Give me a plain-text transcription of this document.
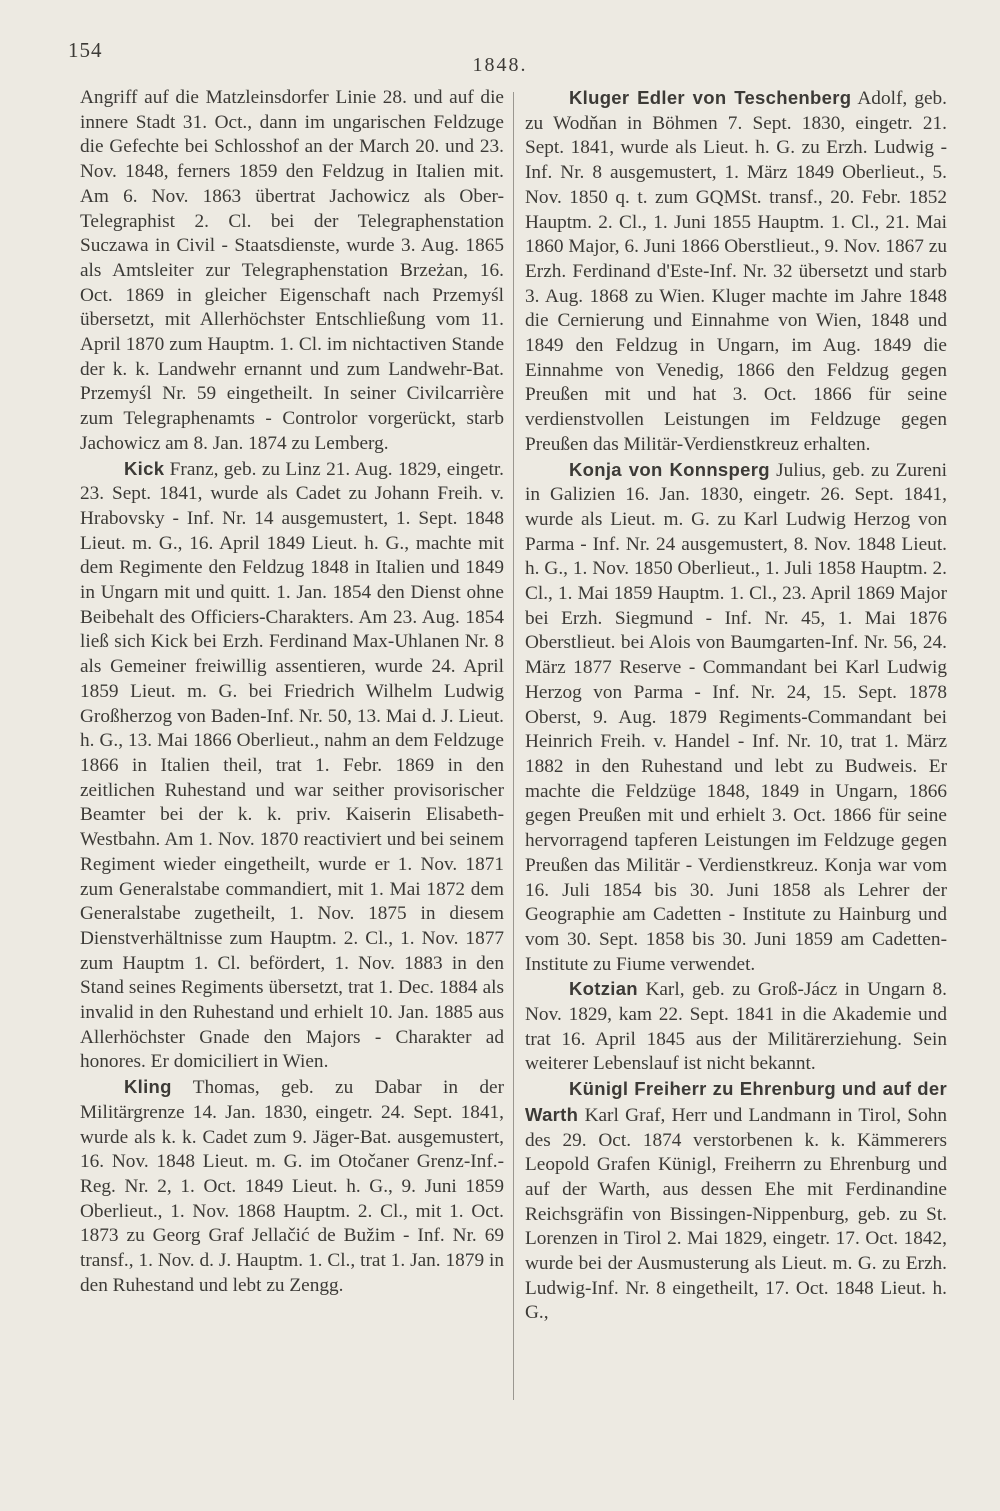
154
1848.

Angriff auf die Matzleinsdorfer Linie 28. und auf die innere Stadt 31. Oct., dann im ungarischen Feldzuge die Gefechte bei Schlosshof an der March 20. und 23. Nov. 1848, ferners 1859 den Feldzug in Italien mit. Am 6. Nov. 1863 übertrat Jachowicz als Ober-Telegraphist 2. Cl. bei der Telegraphenstation Suczawa in Civil - Staatsdienste, wurde 3. Aug. 1865 als Amtsleiter zur Telegraphenstation Brzeżan, 16. Oct. 1869 in gleicher Eigenschaft nach Przemyśl übersetzt, mit Allerhöchster Entschließung vom 11. April 1870 zum Hauptm. 1. Cl. im nichtactiven Stande der k. k. Landwehr ernannt und zum Landwehr-Bat. Przemyśl Nr. 59 eingetheilt. In seiner Civilcarrière zum Telegraphenamts - Controlor vorgerückt, starb Jachowicz am 8. Jan. 1874 zu Lemberg.

Kick Franz, geb. zu Linz 21. Aug. 1829, eingetr. 23. Sept. 1841, wurde als Cadet zu Johann Freih. v. Hrabovsky - Inf. Nr. 14 ausgemustert, 1. Sept. 1848 Lieut. m. G., 16. April 1849 Lieut. h. G., machte mit dem Regimente den Feldzug 1848 in Italien und 1849 in Ungarn mit und quitt. 1. Jan. 1854 den Dienst ohne Beibehalt des Officiers-Charakters. Am 23. Aug. 1854 ließ sich Kick bei Erzh. Ferdinand Max-Uhlanen Nr. 8 als Gemeiner freiwillig assentieren, wurde 24. April 1859 Lieut. m. G. bei Friedrich Wilhelm Ludwig Großherzog von Baden-Inf. Nr. 50, 13. Mai d. J. Lieut. h. G., 13. Mai 1866 Oberlieut., nahm an dem Feldzuge 1866 in Italien theil, trat 1. Febr. 1869 in den zeitlichen Ruhestand und war seither provisorischer Beamter bei der k. k. priv. Kaiserin Elisabeth-Westbahn. Am 1. Nov. 1870 reactiviert und bei seinem Regiment wieder eingetheilt, wurde er 1. Nov. 1871 zum Generalstabe commandiert, mit 1. Mai 1872 dem Generalstabe zugetheilt, 1. Nov. 1875 in diesem Dienstverhältnisse zum Hauptm. 2. Cl., 1. Nov. 1877 zum Hauptm 1. Cl. befördert, 1. Nov. 1883 in den Stand seines Regiments übersetzt, trat 1. Dec. 1884 als invalid in den Ruhestand und erhielt 10. Jan. 1885 aus Allerhöchster Gnade den Majors - Charakter ad honores. Er domiciliert in Wien.

Kling Thomas, geb. zu Dabar in der Militärgrenze 14. Jan. 1830, eingetr. 24. Sept. 1841, wurde als k. k. Cadet zum 9. Jäger-Bat. ausgemustert, 16. Nov. 1848 Lieut. m. G. im Otočaner Grenz-Inf.-Reg. Nr. 2, 1. Oct. 1849 Lieut. h. G., 9. Juni 1859 Oberlieut., 1. Nov. 1868 Hauptm. 2. Cl., mit 1. Oct. 1873 zu Georg Graf Jellačić de Bužim - Inf. Nr. 69 transf., 1. Nov. d. J. Hauptm. 1. Cl., trat 1. Jan. 1879 in den Ruhestand und lebt zu Zengg.

Kluger Edler von Teschenberg Adolf, geb. zu Wodňan in Böhmen 7. Sept. 1830, eingetr. 21. Sept. 1841, wurde als Lieut. h. G. zu Erzh. Ludwig - Inf. Nr. 8 ausgemustert, 1. März 1849 Oberlieut., 5. Nov. 1850 q. t. zum GQMSt. transf., 20. Febr. 1852 Hauptm. 2. Cl., 1. Juni 1855 Hauptm. 1. Cl., 21. Mai 1860 Major, 6. Juni 1866 Oberstlieut., 9. Nov. 1867 zu Erzh. Ferdinand d'Este-Inf. Nr. 32 übersetzt und starb 3. Aug. 1868 zu Wien. Kluger machte im Jahre 1848 die Cernierung und Einnahme von Wien, 1848 und 1849 den Feldzug in Ungarn, im Aug. 1849 die Einnahme von Venedig, 1866 den Feldzug gegen Preußen mit und hat 3. Oct. 1866 für seine verdienstvollen Leistungen im Feldzuge gegen Preußen das Militär-Verdienstkreuz erhalten.

Konja von Konnsperg Julius, geb. zu Zureni in Galizien 16. Jan. 1830, eingetr. 26. Sept. 1841, wurde als Lieut. m. G. zu Karl Ludwig Herzog von Parma - Inf. Nr. 24 ausgemustert, 8. Nov. 1848 Lieut. h. G., 1. Nov. 1850 Oberlieut., 1. Juli 1858 Hauptm. 2. Cl., 1. Mai 1859 Hauptm. 1. Cl., 23. April 1869 Major bei Erzh. Siegmund - Inf. Nr. 45, 1. Mai 1876 Oberstlieut. bei Alois von Baumgarten-Inf. Nr. 56, 24. März 1877 Reserve - Commandant bei Karl Ludwig Herzog von Parma - Inf. Nr. 24, 15. Sept. 1878 Oberst, 9. Aug. 1879 Regiments-Commandant bei Heinrich Freih. v. Handel - Inf. Nr. 10, trat 1. März 1882 in den Ruhestand und lebt zu Budweis. Er machte die Feldzüge 1848, 1849 in Ungarn, 1866 gegen Preußen mit und erhielt 3. Oct. 1866 für seine hervorragend tapferen Leistungen im Feldzuge gegen Preußen das Militär - Verdienstkreuz. Konja war vom 16. Juli 1854 bis 30. Juni 1858 als Lehrer der Geographie am Cadetten - Institute zu Hainburg und vom 30. Sept. 1858 bis 30. Juni 1859 am Cadetten-Institute zu Fiume verwendet.

Kotzian Karl, geb. zu Groß-Jácz in Ungarn 8. Nov. 1829, kam 22. Sept. 1841 in die Akademie und trat 16. April 1845 aus der Militärerziehung. Sein weiterer Lebenslauf ist nicht bekannt.

Künigl Freiherr zu Ehrenburg und auf der Warth Karl Graf, Herr und Landmann in Tirol, Sohn des 29. Oct. 1874 verstorbenen k. k. Kämmerers Leopold Grafen Künigl, Freiherrn zu Ehrenburg und auf der Warth, aus dessen Ehe mit Ferdinandine Reichsgräfin von Bissingen-Nippenburg, geb. zu St. Lorenzen in Tirol 2. Mai 1829, eingetr. 17. Oct. 1842, wurde bei der Ausmusterung als Lieut. m. G. zu Erzh. Ludwig-Inf. Nr. 8 eingetheilt, 17. Oct. 1848 Lieut. h. G.,
